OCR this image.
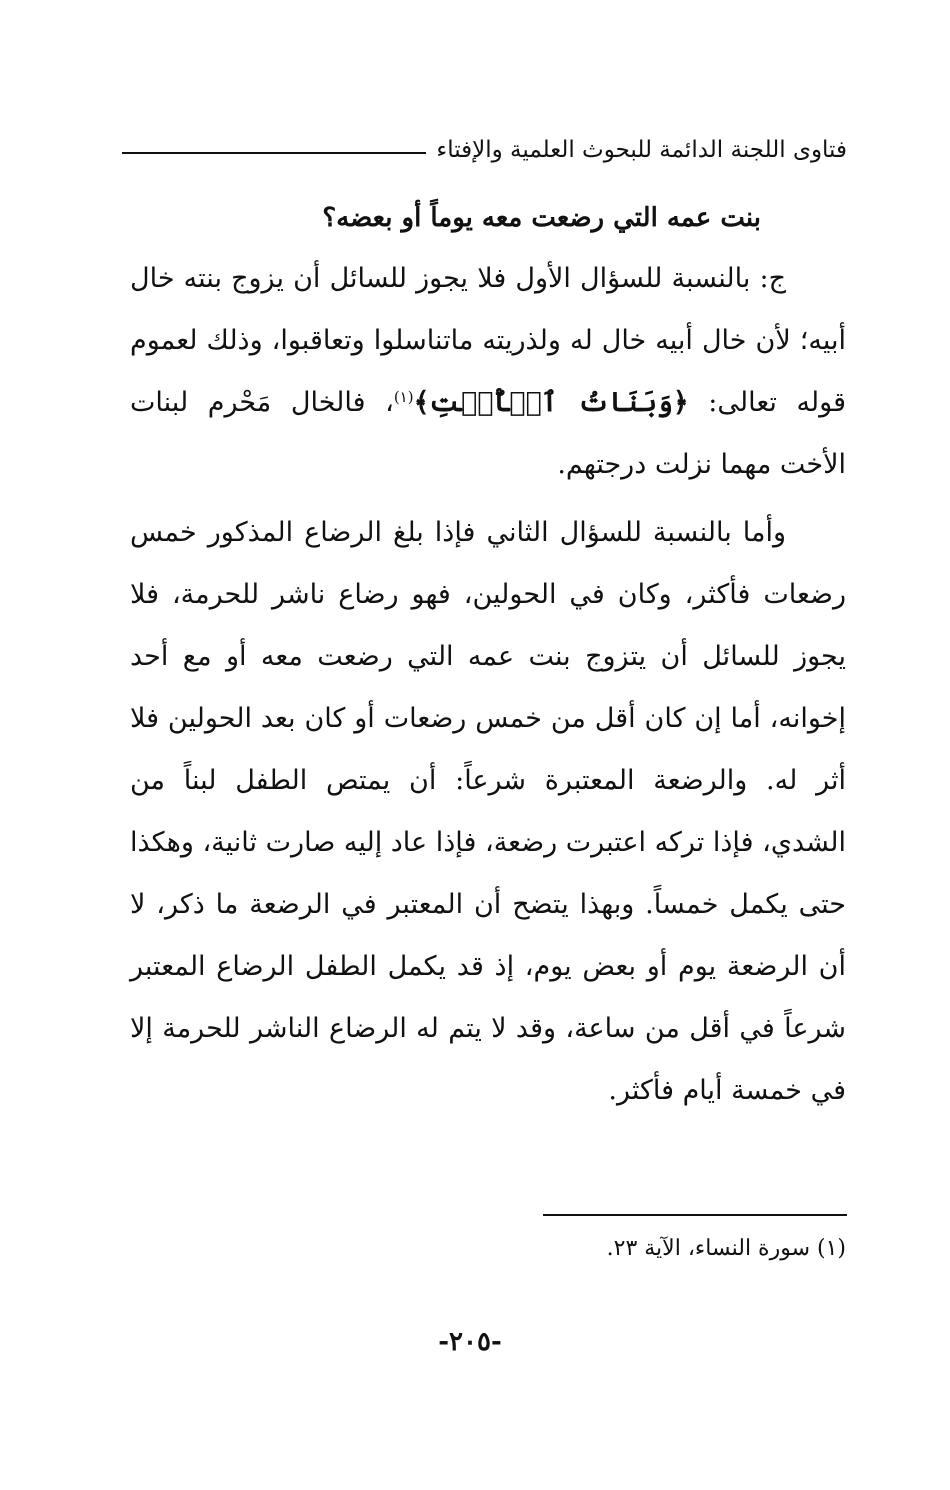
فتاوى اللجنة الدائمة للبحوث العلمية والإفتاء

بنت عمه التي رضعت معه يوماً أو بعضه؟

ج: بالنسبة للسؤال الأول فلا يجوز للسائل أن يزوج بنته خال أبيه؛ لأن خال أبيه خال له ولذريته ماتناسلوا وتعاقبوا، وذلك لعموم قوله تعالى: ﴿وَبَنَاتُ ٱلۡأُخۡتِ﴾$^{(١)}$، فالخال مَحْرم لبنات الأخت مهما نزلت درجتهم.

وأما بالنسبة للسؤال الثاني فإذا بلغ الرضاع المذكور خمس رضعات فأكثر، وكان في الحولين، فهو رضاع ناشر للحرمة، فلا يجوز للسائل أن يتزوج بنت عمه التي رضعت معه أو مع أحد إخوانه، أما إن كان أقل من خمس رضعات أو كان بعد الحولين فلا أثر له. والرضعة المعتبرة شرعاً: أن يمتص الطفل لبناً من الشدي، فإذا تركه اعتبرت رضعة، فإذا عاد إليه صارت ثانية، وهكذا حتى يكمل خمساً. وبهذا يتضح أن المعتبر في الرضعة ما ذكر، لا أن الرضعة يوم أو بعض يوم، إذ قد يكمل الطفل الرضاع المعتبر شرعاً في أقل من ساعة، وقد لا يتم له الرضاع الناشر للحرمة إلا في خمسة أيام فأكثر.

(١) سورة النساء، الآية ٢٣.
-٢٠٥-
